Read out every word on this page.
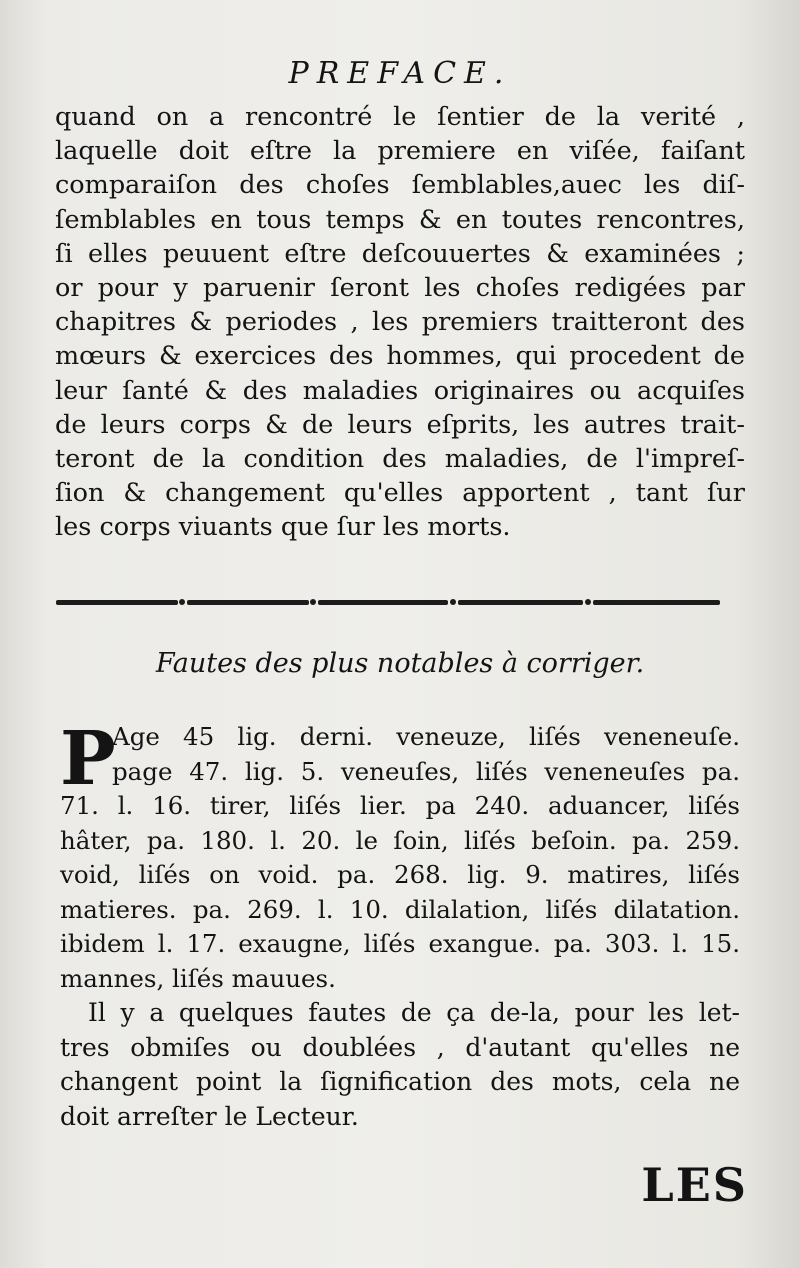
PREFACE.
quand on a rencontré le ſentier de la verité ,
laquelle doit eſtre la premiere en viſée, faiſant
comparaiſon des choſes ſemblables,auec les diſ-
ſemblables en tous temps & en toutes rencontres,
ſi elles peuuent eſtre deſcouuertes & examinées ;
or pour y paruenir ſeront les choſes redigées par
chapitres & periodes , les premiers traitteront des
mœurs & exercices des hommes, qui procedent de
leur ſanté & des maladies originaires ou acquiſes
de leurs corps & de leurs eſprits, les autres trait-
teront de la condition des maladies, de l'impreſ-
ſion & changement qu'elles apportent , tant ſur
les corps viuants que ſur les morts.
Fautes des plus notables à corriger.
P
Age 45 lig. derni. veneuze, liſés veneneuſe.
page 47. lig. 5. veneuſes, liſés veneneuſes pa.
71. l. 16. tirer, liſés lier. pa 240. aduancer, liſés
hâter, pa. 180. l. 20. le ſoin, liſés beſoin. pa. 259.
void, liſés on void. pa. 268. lig. 9. matires, liſés
matieres. pa. 269. l. 10. dilalation, liſés dilatation.
ibidem l. 17. exaugne, liſés exangue. pa. 303. l. 15.
mannes, liſés mauues.
Il y a quelques fautes de ça de-la, pour les let-
tres obmiſes ou doublées , d'autant qu'elles ne
changent point la ſignification des mots, cela ne
doit arreſter le Lecteur.
LES
